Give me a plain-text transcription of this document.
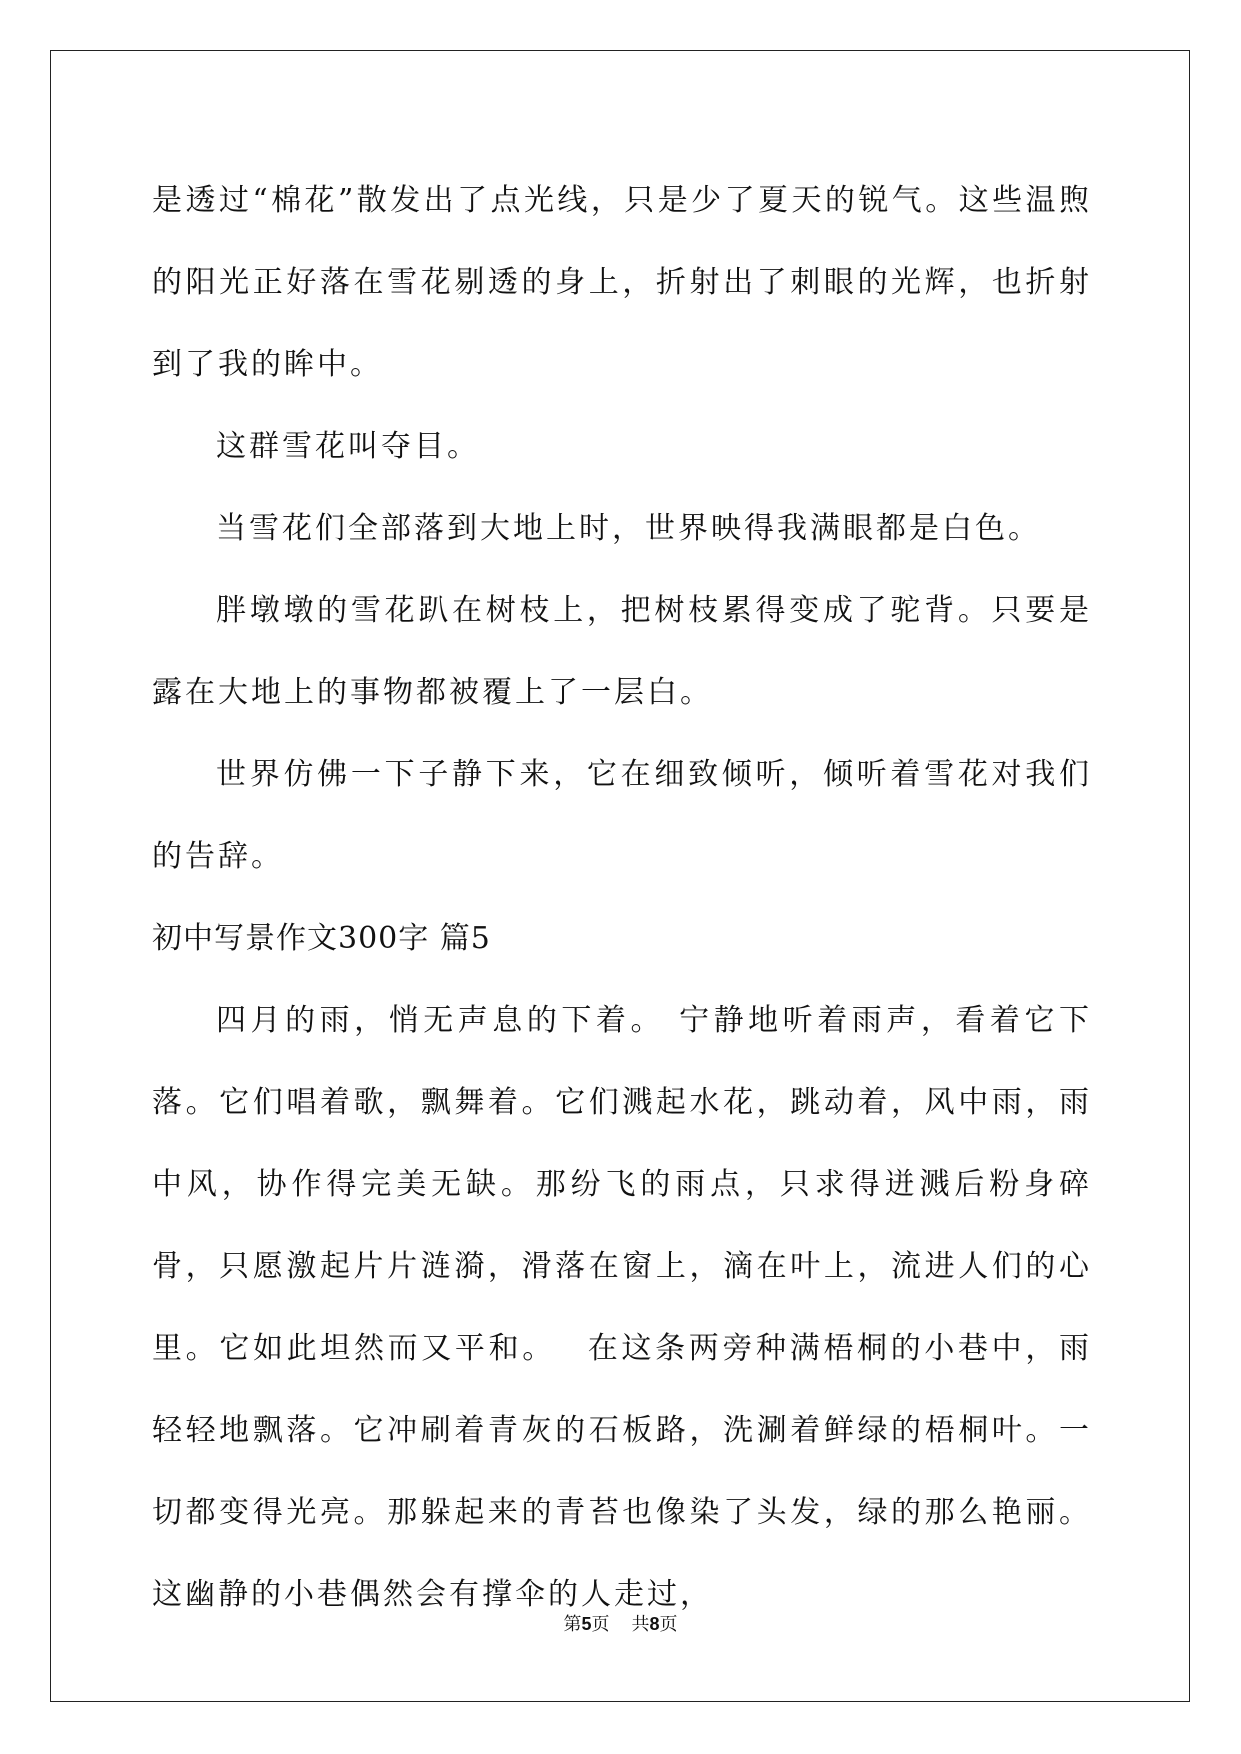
是透过“棉花”散发出了点光线，只是少了夏天的锐气。这些温煦的阳光正好落在雪花剔透的身上，折射出了刺眼的光辉，也折射到了我的眸中。

这群雪花叫夺目。

当雪花们全部落到大地上时，世界映得我满眼都是白色。

胖墩墩的雪花趴在树枝上，把树枝累得变成了驼背。只要是露在大地上的事物都被覆上了一层白。

世界仿佛一下子静下来，它在细致倾听，倾听着雪花对我们的告辞。

初中写景作文300字 篇5

四月的雨，悄无声息的下着。 宁静地听着雨声，看着它下落。它们唱着歌，飘舞着。它们溅起水花，跳动着，风中雨，雨中风，协作得完美无缺。那纷飞的雨点，只求得迸溅后粉身碎骨，只愿激起片片涟漪，滑落在窗上，滴在叶上，流进人们的心里。它如此坦然而又平和。　 在这条两旁种满梧桐的小巷中，雨轻轻地飘落。它冲刷着青灰的石板路，洗涮着鲜绿的梧桐叶。一切都变得光亮。那躲起来的青苔也像染了头发，绿的那么艳丽。这幽静的小巷偶然会有撑伞的人走过，

第5页 共8页
